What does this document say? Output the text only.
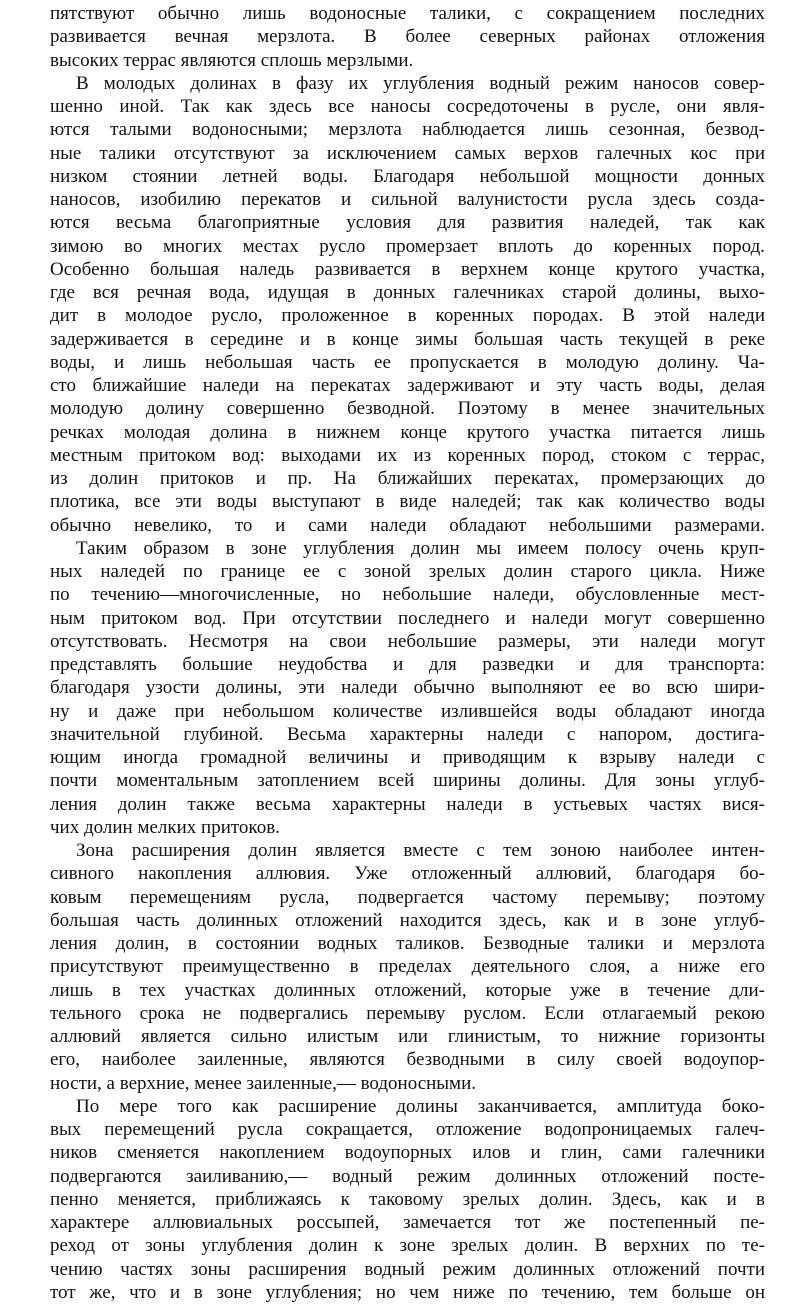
пятствуют обычно лишь водоносные талики, с сокращением последних
развивается вечная мерзлота. В более северных районах отложения
высоких террас являются сплошь мерзлыми.
В молодых долинах в фазу их углубления водный режим наносов совер-
шенно иной. Так как здесь все наносы сосредоточены в русле, они явля-
ются талыми водоносными; мерзлота наблюдается лишь сезонная, безвод-
ные талики отсутствуют за исключением самых верхов галечных кос при
низком стоянии летней воды. Благодаря небольшой мощности донных
наносов, изобилию перекатов и сильной валунистости русла здесь созда-
ются весьма благоприятные условия для развития наледей, так как
зимою во многих местах русло промерзает вплоть до коренных пород.
Особенно большая наледь развивается в верхнем конце крутого участка,
где вся речная вода, идущая в донных галечниках старой долины, выхо-
дит в молодое русло, проложенное в коренных породах. В этой наледи
задерживается в середине и в конце зимы большая часть текущей в реке
воды, и лишь небольшая часть ее пропускается в молодую долину. Ча-
сто ближайшие наледи на перекатах задерживают и эту часть воды, делая
молодую долину совершенно безводной. Поэтому в менее значительных
речках молодая долина в нижнем конце крутого участка питается лишь
местным притоком вод: выходами их из коренных пород, стоком с террас,
из долин притоков и пр. На ближайших перекатах, промерзающих до
плотика, все эти воды выступают в виде наледей; так как количество воды
обычно невелико, то и сами наледи обладают небольшими размерами.
Таким образом в зоне углубления долин мы имеем полосу очень круп-
ных наледей по границе ее с зоной зрелых долин старого цикла. Ниже
по течению—многочисленные, но небольшие наледи, обусловленные мест-
ным притоком вод. При отсутствии последнего и наледи могут совершенно
отсутствовать. Несмотря на свои небольшие размеры, эти наледи могут
представлять большие неудобства и для разведки и для транспорта:
благодаря узости долины, эти наледи обычно выполняют ее во всю шири-
ну и даже при небольшом количестве излившейся воды обладают иногда
значительной глубиной. Весьма характерны наледи с напором, достига-
ющим иногда громадной величины и приводящим к взрыву наледи с
почти моментальным затоплением всей ширины долины. Для зоны углуб-
ления долин также весьма характерны наледи в устьевых частях вися-
чих долин мелких притоков.
Зона расширения долин является вместе с тем зоною наиболее интен-
сивного накопления аллювия. Уже отложенный аллювий, благодаря бо-
ковым перемещениям русла, подвергается частому перемыву; поэтому
большая часть долинных отложений находится здесь, как и в зоне углуб-
ления долин, в состоянии водных таликов. Безводные талики и мерзлота
присутствуют преимущественно в пределах деятельного слоя, а ниже его
лишь в тех участках долинных отложений, которые уже в течение дли-
тельного срока не подвергались перемыву руслом. Если отлагаемый рекою
аллювий является сильно илистым или глинистым, то нижние горизонты
его, наиболее заиленные, являются безводными в силу своей водоупор-
ности, а верхние, менее заиленные,— водоносными.
По мере того как расширение долины заканчивается, амплитуда боко-
вых перемещений русла сокращается, отложение водопроницаемых галеч-
ников сменяется накоплением водоупорных илов и глин, сами галечники
подвергаются заиливанию,— водный режим долинных отложений посте-
пенно меняется, приближаясь к таковому зрелых долин. Здесь, как и в
характере аллювиальных россыпей, замечается тот же постепенный пе-
реход от зоны углубления долин к зоне зрелых долин. В верхних по те-
чению частях зоны расширения водный режим долинных отложений почти
тот же, что и в зоне углубления; но чем ниже по течению, тем больше он
